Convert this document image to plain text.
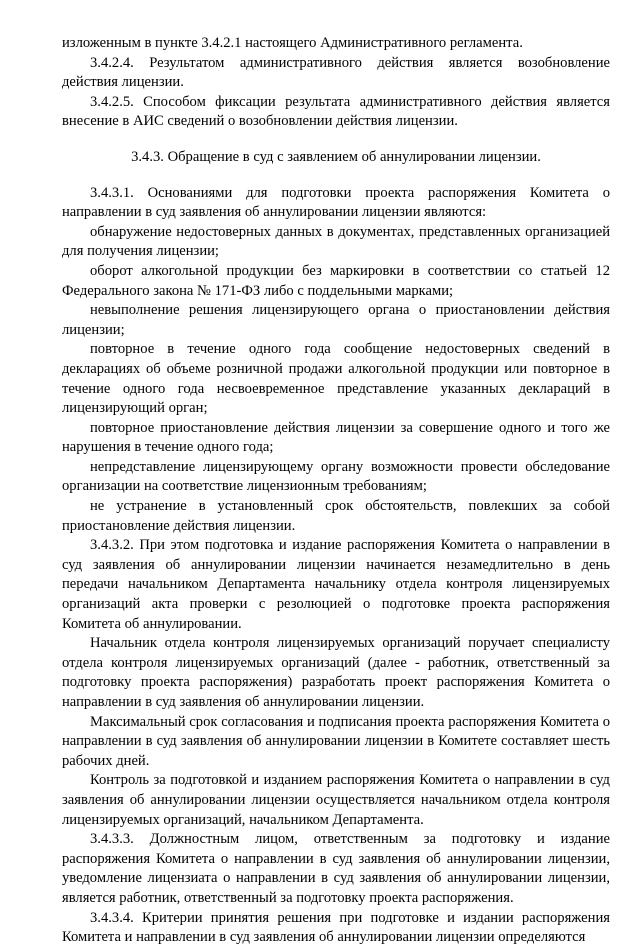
изложенным в пункте 3.4.2.1 настоящего Административного регламента.

3.4.2.4. Результатом административного действия является возобновление действия лицензии.

3.4.2.5. Способом фиксации результата административного действия является внесение в АИС сведений о возобновлении действия лицензии.

3.4.3. Обращение в суд с заявлением об аннулировании лицензии.

3.4.3.1. Основаниями для подготовки проекта распоряжения Комитета о направлении в суд заявления об аннулировании лицензии являются:

обнаружение недостоверных данных в документах, представленных организацией для получения лицензии;

оборот алкогольной продукции без маркировки в соответствии со статьей 12 Федерального закона № 171-ФЗ либо с поддельными марками;

невыполнение решения лицензирующего органа о приостановлении действия лицензии;

повторное в течение одного года сообщение недостоверных сведений в декларациях об объеме розничной продажи алкогольной продукции или повторное в течение одного года несвоевременное представление указанных деклараций в лицензирующий орган;

повторное приостановление действия лицензии за совершение одного и того же нарушения в течение одного года;

непредставление лицензирующему органу возможности провести обследование организации на соответствие лицензионным требованиям;

не устранение в установленный срок обстоятельств, повлекших за собой приостановление действия лицензии.

3.4.3.2. При этом подготовка и издание распоряжения Комитета о направлении в суд заявления об аннулировании лицензии начинается незамедлительно в день передачи начальником Департамента начальнику отдела контроля лицензируемых организаций акта проверки с резолюцией о подготовке проекта распоряжения Комитета об аннулировании.

Начальник отдела контроля лицензируемых организаций поручает специалисту отдела контроля лицензируемых организаций (далее - работник, ответственный за подготовку проекта распоряжения) разработать проект распоряжения Комитета о направлении в суд заявления об аннулировании лицензии.

Максимальный срок согласования и подписания проекта распоряжения Комитета о направлении в суд заявления об аннулировании лицензии в Комитете составляет шесть рабочих дней.

Контроль за подготовкой и изданием распоряжения Комитета о направлении в суд заявления об аннулировании лицензии осуществляется начальником отдела контроля лицензируемых организаций, начальником Департамента.

3.4.3.3. Должностным лицом, ответственным за подготовку и издание распоряжения Комитета о направлении в суд заявления об аннулировании лицензии, уведомление лицензиата о направлении в суд заявления об аннулировании лицензии, является работник, ответственный за подготовку проекта распоряжения.

3.4.3.4. Критерии принятия решения при подготовке и издании распоряжения Комитета и направлении в суд заявления об аннулировании лицензии определяются
